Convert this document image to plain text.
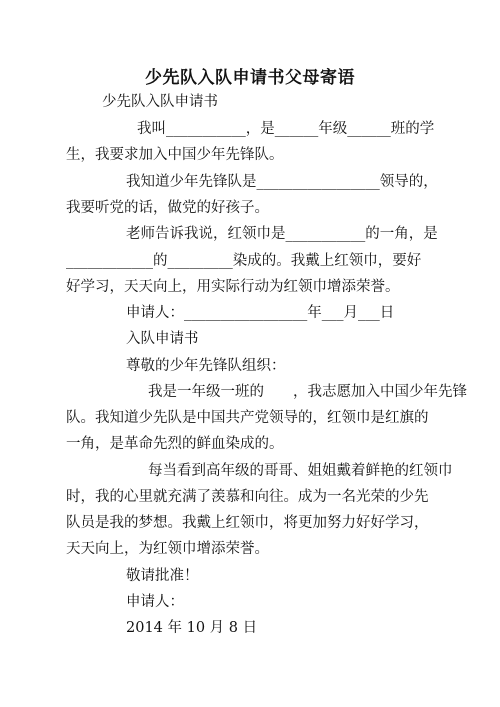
少先队入队申请书父母寄语
少先队入队申请书
我叫___________，是______年级______班的学
生，我要求加入中国少年先锋队。
我知道少年先锋队是_________________领导的，
我要听党的话，做党的好孩子。
老师告诉我说，红领巾是___________的一角，是
____________的_________染成的。我戴上红领巾，要好
好学习，天天向上，用实际行动为红领巾增添荣誉。
申请人：_________________年___月___日
入队申请书
尊敬的少年先锋队组织：
我是一年级一班的　　，我志愿加入中国少年先锋
队。我知道少先队是中国共产党领导的，红领巾是红旗的
一角，是革命先烈的鲜血染成的。
每当看到高年级的哥哥、姐姐戴着鲜艳的红领巾
时，我的心里就充满了羡慕和向往。成为一名光荣的少先
队员是我的梦想。我戴上红领巾，将更加努力好好学习，
天天向上，为红领巾增添荣誉。
敬请批准！
申请人：
2014 年 10 月 8 日
